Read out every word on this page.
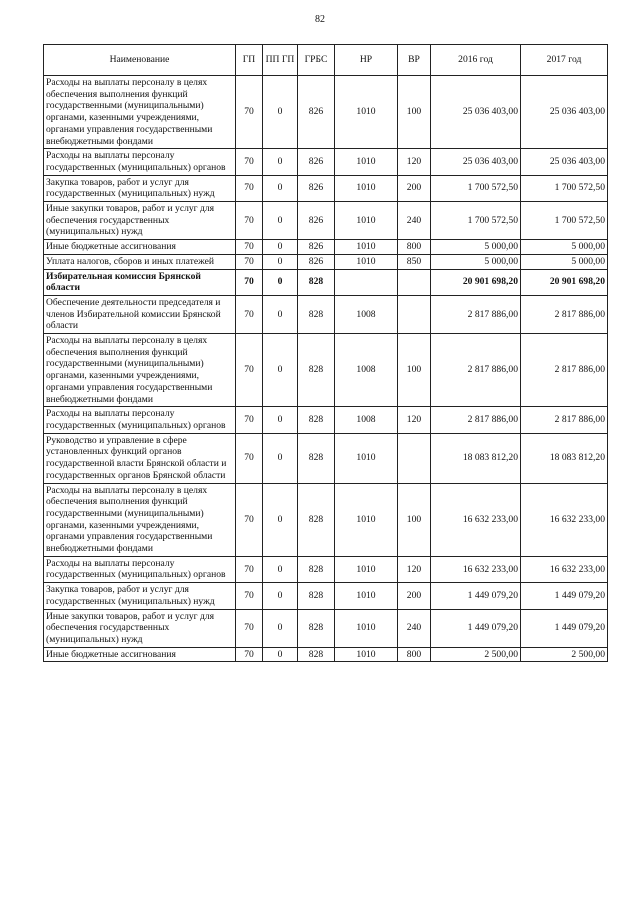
82
Наименование	ГП	ПП ГП	ГРБС	НР	ВР	2016 год	2017 год
Расходы на выплаты персоналу в целях обеспечения выполнения функций государственными (муниципальными) органами, казенными учреждениями, органами управления государственными внебюджетными фондами	70	0	826	1010	100	25 036 403,00	25 036 403,00
Расходы на выплаты персоналу государственных (муниципальных) органов	70	0	826	1010	120	25 036 403,00	25 036 403,00
Закупка товаров, работ и услуг для государственных (муниципальных) нужд	70	0	826	1010	200	1 700 572,50	1 700 572,50
Иные закупки товаров, работ и услуг для обеспечения государственных (муниципальных) нужд	70	0	826	1010	240	1 700 572,50	1 700 572,50
Иные бюджетные ассигнования	70	0	826	1010	800	5 000,00	5 000,00
Уплата налогов, сборов и иных платежей	70	0	826	1010	850	5 000,00	5 000,00
Избирательная комиссия Брянской области	70	0	828			20 901 698,20	20 901 698,20
Обеспечение деятельности председателя и членов Избирательной комиссии Брянской области	70	0	828	1008		2 817 886,00	2 817 886,00
Расходы на выплаты персоналу в целях обеспечения выполнения функций государственными (муниципальными) органами, казенными учреждениями, органами управления государственными внебюджетными фондами	70	0	828	1008	100	2 817 886,00	2 817 886,00
Расходы на выплаты персоналу государственных (муниципальных) органов	70	0	828	1008	120	2 817 886,00	2 817 886,00
Руководство и управление в сфере установленных функций органов государственной власти Брянской области и государственных органов Брянской области	70	0	828	1010		18 083 812,20	18 083 812,20
Расходы на выплаты персоналу в целях обеспечения выполнения функций государственными (муниципальными) органами, казенными учреждениями, органами управления государственными внебюджетными фондами	70	0	828	1010	100	16 632 233,00	16 632 233,00
Расходы на выплаты персоналу государственных (муниципальных) органов	70	0	828	1010	120	16 632 233,00	16 632 233,00
Закупка товаров, работ и услуг для государственных (муниципальных) нужд	70	0	828	1010	200	1 449 079,20	1 449 079,20
Иные закупки товаров, работ и услуг для обеспечения государственных (муниципальных) нужд	70	0	828	1010	240	1 449 079,20	1 449 079,20
Иные бюджетные ассигнования	70	0	828	1010	800	2 500,00	2 500,00
